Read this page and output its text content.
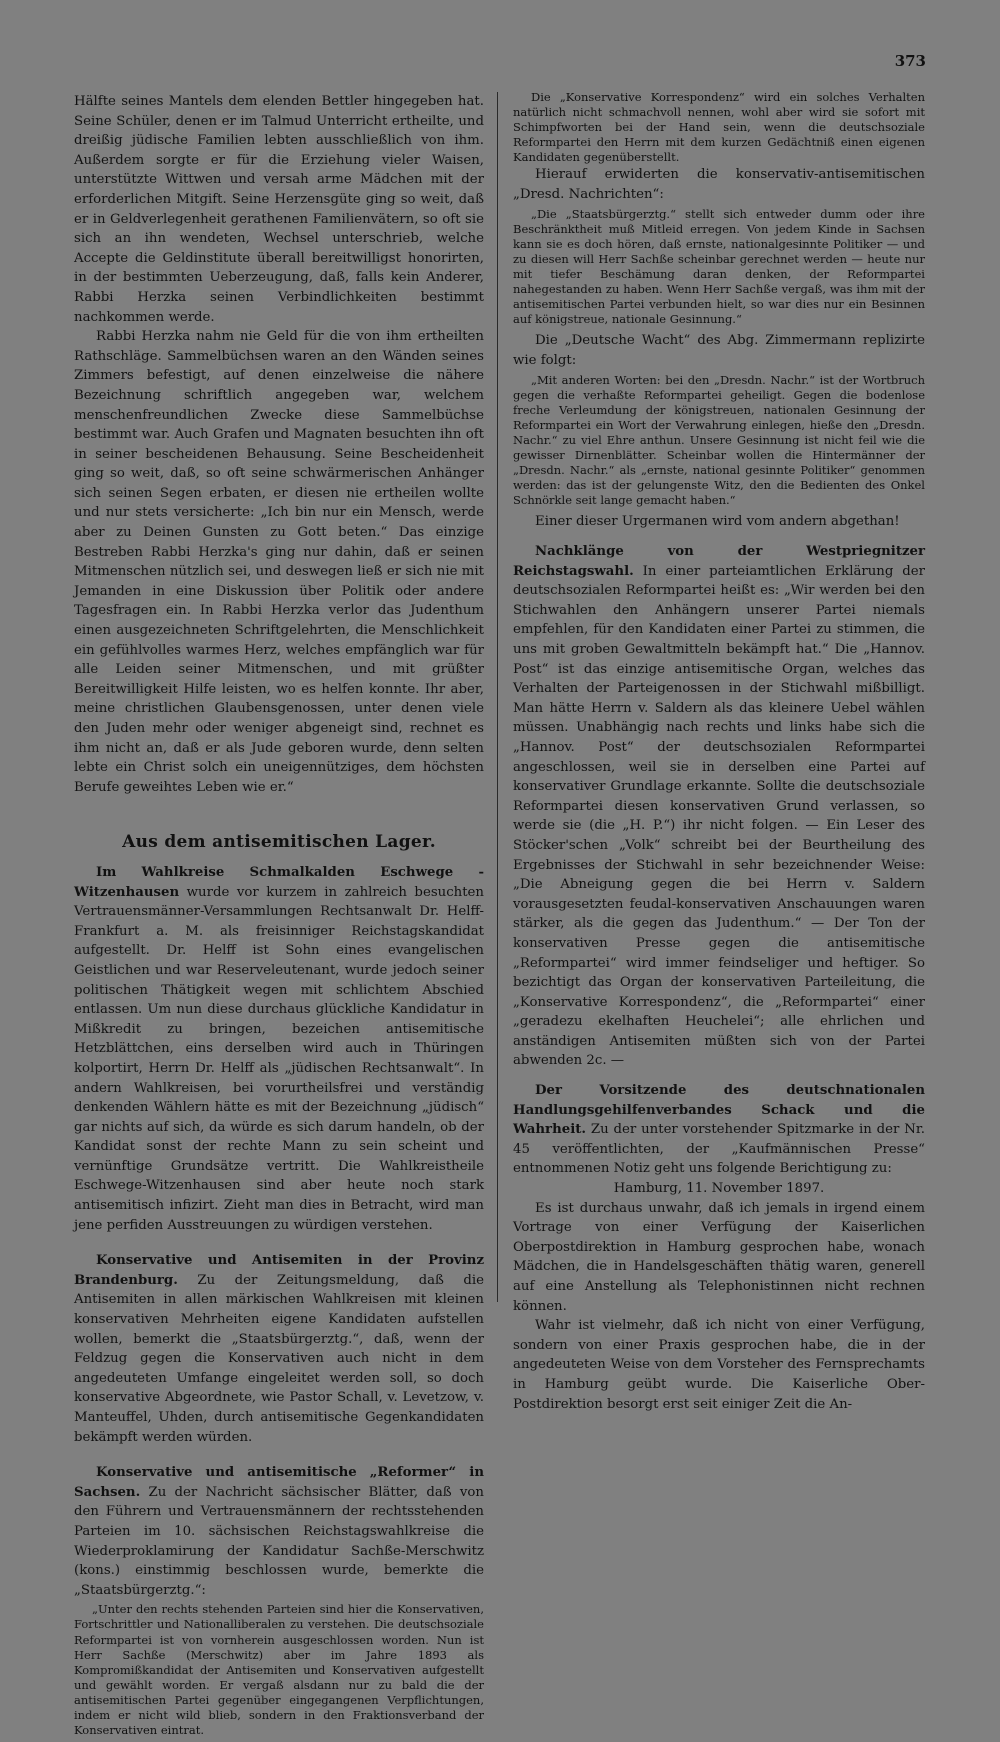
373

Hälfte seines Mantels dem elenden Bettler hingegeben hat. Seine Schüler, denen er im Talmud Unterricht ertheilte, und dreißig jüdische Familien lebten ausschließlich von ihm. Außerdem sorgte er für die Erziehung vieler Waisen, unterstützte Wittwen und versah arme Mädchen mit der erforderlichen Mitgift. Seine Herzensgüte ging so weit, daß er in Geldverlegenheit gerathenen Familienvätern, so oft sie sich an ihn wendeten, Wechsel unterschrieb, welche Accepte die Geldinstitute überall bereitwilligst honorirten, in der bestimmten Ueberzeugung, daß, falls kein Anderer, Rabbi Herzka seinen Verbindlichkeiten bestimmt nachkommen werde.

Rabbi Herzka nahm nie Geld für die von ihm ertheilten Rathschläge. Sammelbüchsen waren an den Wänden seines Zimmers befestigt, auf denen einzelweise die nähere Bezeichnung schriftlich angegeben war, welchem menschenfreundlichen Zwecke diese Sammelbüchse bestimmt war. Auch Grafen und Magnaten besuchten ihn oft in seiner bescheidenen Behausung. Seine Bescheidenheit ging so weit, daß, so oft seine schwärmerischen Anhänger sich seinen Segen erbaten, er diesen nie ertheilen wollte und nur stets versicherte: „Ich bin nur ein Mensch, werde aber zu Deinen Gunsten zu Gott beten.“ Das einzige Bestreben Rabbi Herzka's ging nur dahin, daß er seinen Mitmenschen nützlich sei, und deswegen ließ er sich nie mit Jemanden in eine Diskussion über Politik oder andere Tagesfragen ein. In Rabbi Herzka verlor das Judenthum einen ausgezeichneten Schriftgelehrten, die Menschlichkeit ein gefühlvolles warmes Herz, welches empfänglich war für alle Leiden seiner Mitmenschen, und mit grüßter Bereitwilligkeit Hilfe leisten, wo es helfen konnte. Ihr aber, meine christlichen Glaubensgenossen, unter denen viele den Juden mehr oder weniger abgeneigt sind, rechnet es ihm nicht an, daß er als Jude geboren wurde, denn selten lebte ein Christ solch ein uneigennütziges, dem höchsten Berufe geweihtes Leben wie er.“

Aus dem antisemitischen Lager.

Im Wahlkreise Schmalkalden Eschwege - Witzenhausen wurde vor kurzem in zahlreich besuchten Vertrauensmänner-Versammlungen Rechtsanwalt Dr. Helff-Frankfurt a. M. als freisinniger Reichstagskandidat aufgestellt. Dr. Helff ist Sohn eines evangelischen Geistlichen und war Reserveleutenant, wurde jedoch seiner politischen Thätigkeit wegen mit schlichtem Abschied entlassen. Um nun diese durchaus glückliche Kandidatur in Mißkredit zu bringen, bezeichen antisemitische Hetzblättchen, eins derselben wird auch in Thüringen kolportirt, Herrn Dr. Helff als „jüdischen Rechtsanwalt“. In andern Wahlkreisen, bei vorurtheilsfrei und verständig denkenden Wählern hätte es mit der Bezeichnung „jüdisch“ gar nichts auf sich, da würde es sich darum handeln, ob der Kandidat sonst der rechte Mann zu sein scheint und vernünftige Grundsätze vertritt. Die Wahlkreistheile Eschwege-Witzenhausen sind aber heute noch stark antisemitisch infizirt. Zieht man dies in Betracht, wird man jene perfiden Ausstreuungen zu würdigen verstehen.

Konservative und Antisemiten in der Provinz Brandenburg. Zu der Zeitungsmeldung, daß die Antisemiten in allen märkischen Wahlkreisen mit kleinen konservativen Mehrheiten eigene Kandidaten aufstellen wollen, bemerkt die „Staatsbürgerztg.“, daß, wenn der Feldzug gegen die Konservativen auch nicht in dem angedeuteten Umfange eingeleitet werden soll, so doch konservative Abgeordnete, wie Pastor Schall, v. Levetzow, v. Manteuffel, Uhden, durch antisemitische Gegenkandidaten bekämpft werden würden.

Konservative und antisemitische „Reformer“ in Sachsen. Zu der Nachricht sächsischer Blätter, daß von den Führern und Vertrauensmännern der rechtsstehenden Parteien im 10. sächsischen Reichstagswahlkreise die Wiederproklamirung der Kandidatur Sachße-Merschwitz (kons.) einstimmig beschlossen wurde, bemerkte die „Staatsbürgerztg.“:

„Unter den rechts stehenden Parteien sind hier die Konservativen, Fortschrittler und Nationalliberalen zu verstehen. Die deutschsoziale Reformpartei ist von vornherein ausgeschlossen worden. Nun ist Herr Sachße (Merschwitz) aber im Jahre 1893 als Kompromißkandidat der Antisemiten und Konservativen aufgestellt und gewählt worden. Er vergaß alsdann nur zu bald die der antisemitischen Partei gegenüber eingegangenen Verpflichtungen, indem er nicht wild blieb, sondern in den Fraktionsverband der Konservativen eintrat.

Die „Konservative Korrespondenz“ wird ein solches Verhalten natürlich nicht schmachvoll nennen, wohl aber wird sie sofort mit Schimpfworten bei der Hand sein, wenn die deutschsoziale Reformpartei den Herrn mit dem kurzen Gedächtniß einen eigenen Kandidaten gegenüberstellt.

Hierauf erwiderten die konservativ-antisemitischen „Dresd. Nachrichten“:

„Die „Staatsbürgerztg.“ stellt sich entweder dumm oder ihre Beschränktheit muß Mitleid erregen. Von jedem Kinde in Sachsen kann sie es doch hören, daß ernste, nationalgesinnte Politiker — und zu diesen will Herr Sachße scheinbar gerechnet werden — heute nur mit tiefer Beschämung daran denken, der Reformpartei nahegestanden zu haben. Wenn Herr Sachße vergaß, was ihm mit der antisemitischen Partei verbunden hielt, so war dies nur ein Besinnen auf königstreue, nationale Gesinnung.“

Die „Deutsche Wacht“ des Abg. Zimmermann replizirte wie folgt:

„Mit anderen Worten: bei den „Dresdn. Nachr.“ ist der Wortbruch gegen die verhaßte Reformpartei geheiligt. Gegen die bodenlose freche Verleumdung der königstreuen, nationalen Gesinnung der Reformpartei ein Wort der Verwahrung einlegen, hieße den „Dresdn. Nachr.“ zu viel Ehre anthun. Unsere Gesinnung ist nicht feil wie die gewisser Dirnenblätter. Scheinbar wollen die Hintermänner der „Dresdn. Nachr.“ als „ernste, national gesinnte Politiker“ genommen werden: das ist der gelungenste Witz, den die Bedienten des Onkel Schnörkle seit lange gemacht haben.“

Einer dieser Urgermanen wird vom andern abgethan!

Nachklänge von der Westpriegnitzer Reichstagswahl. In einer parteiamtlichen Erklärung der deutschsozialen Reformpartei heißt es: „Wir werden bei den Stichwahlen den Anhängern unserer Partei niemals empfehlen, für den Kandidaten einer Partei zu stimmen, die uns mit groben Gewaltmitteln bekämpft hat.“ Die „Hannov. Post“ ist das einzige antisemitische Organ, welches das Verhalten der Parteigenossen in der Stichwahl mißbilligt. Man hätte Herrn v. Saldern als das kleinere Uebel wählen müssen. Unabhängig nach rechts und links habe sich die „Hannov. Post“ der deutschsozialen Reformpartei angeschlossen, weil sie in derselben eine Partei auf konservativer Grundlage erkannte. Sollte die deutschsoziale Reformpartei diesen konservativen Grund verlassen, so werde sie (die „H. P.“) ihr nicht folgen. — Ein Leser des Stöcker'schen „Volk“ schreibt bei der Beurtheilung des Ergebnisses der Stichwahl in sehr bezeichnender Weise: „Die Abneigung gegen die bei Herrn v. Saldern vorausgesetzten feudal-konservativen Anschauungen waren stärker, als die gegen das Judenthum.“ — Der Ton der konservativen Presse gegen die antisemitische „Reformpartei“ wird immer feindseliger und heftiger. So bezichtigt das Organ der konservativen Parteileitung, die „Konservative Korrespondenz“, die „Reformpartei“ einer „geradezu ekelhaften Heuchelei“; alle ehrlichen und anständigen Antisemiten müßten sich von der Partei abwenden 2c. —

Der Vorsitzende des deutschnationalen Handlungsgehilfenverbandes Schack und die Wahrheit. Zu der unter vorstehender Spitzmarke in der Nr. 45 veröffentlichten, der „Kaufmännischen Presse“ entnommenen Notiz geht uns folgende Berichtigung zu:

Hamburg, 11. November 1897.

Es ist durchaus unwahr, daß ich jemals in irgend einem Vortrage von einer Verfügung der Kaiserlichen Oberpostdirektion in Hamburg gesprochen habe, wonach Mädchen, die in Handelsgeschäften thätig waren, generell auf eine Anstellung als Telephonistinnen nicht rechnen können.

Wahr ist vielmehr, daß ich nicht von einer Verfügung, sondern von einer Praxis gesprochen habe, die in der angedeuteten Weise von dem Vorsteher des Fernsprechamts in Hamburg geübt wurde. Die Kaiserliche Ober-Postdirektion besorgt erst seit einiger Zeit die An-
